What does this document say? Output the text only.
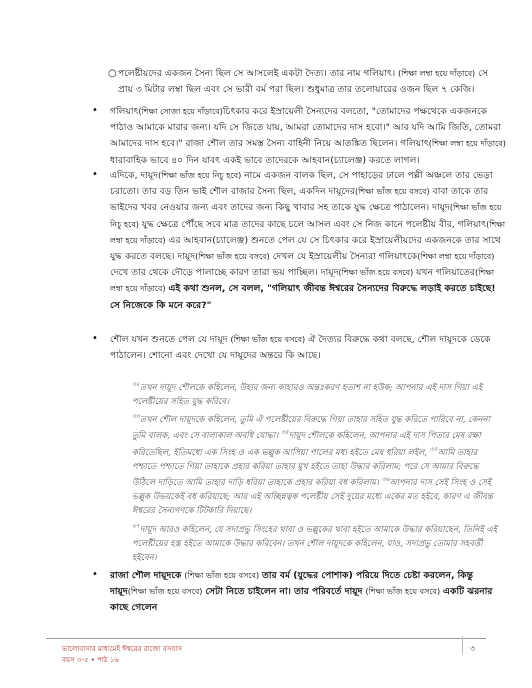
○ পলেষ্টীয়দের একজন সৈন্য ছিল সে আসলেই একটা দৈত্য। তার নাম গলিয়াৎ। (শিক্ষা লম্বা হয়ে দাঁড়াবে) সে প্রায় ৩ মিটার লম্বা ছিল এবং সে ভারী বর্ম পরা ছিল। শুধুমাত্র তার তলোয়ারের ওজন ছিল ৭ কেজি।

• গলিয়াৎ(শিক্ষা সোজা হয়ে দাঁড়াবে)চিৎকার করে ইস্রায়েলী সৈন্যদের বলতো, "তোমাদের পক্ষথেকে একজনকে পাঠাও আমাকে মারার জন্য। যদি সে জিতে যায়, আমরা তোমাদের দাস হবো।" আর যদি আমি জিতি, তোমরা আমাদের দাস হবে।" রাজা শৌল তার সমস্ত সৈন্য বাহিনী নিয়ে আতঙ্কিত ছিলেন। গলিয়াৎ(শিক্ষা লম্বা হয়ে দাঁড়াবে) ধারাবাহিক ভাবে ৪০ দিন যাবৎ একই ভাবে তাদেরকে আহবান(চ্যালেঞ্জ) করতে লাগল।

• এদিকে, দায়ূদ(শিক্ষা ভাঁজ হয়ে নিচু হবে) নামে একজন বালক ছিল, সে পাহাড়ের ঢালে পল্লী অঞ্চলে তার ভেড়া চরাতো। তার বড় তিন ভাই শৌল রাজার সৈন্য ছিল, একদিন দায়ূদের(শিক্ষা ভাঁজ হয়ে বসবে) বাবা তাকে তার ভাইদের খবর নেওয়ার জন্য এবং তাদের জন্য কিছু খাবার সহ তাকে যুদ্ধ ক্ষেত্রে পাঠালেন। দায়ূদ(শিক্ষা ভাঁজ হয়ে নিচু হবে) যুদ্ধ ক্ষেত্রে পৌঁছে সবে মাত্র তাদের কাছে চলে আসল এবং সে নিজ কানে পলেষ্টীয় বীর, গলিয়াৎ(শিক্ষা লম্বা হয়ে দাঁড়াবে) এর আহবান(চ্যালেঞ্জ) শুনতে পেল যে সে চিৎকার করে ইস্রায়েলীয়দের একজনকে তার সাথে যুদ্ধ করতে বলছে। দায়ূদ(শিক্ষা ভাঁজ হয়ে বসবে) দেখল যে ইস্রায়েলীয় সৈন্যরা গলিয়াৎকে(শিক্ষা লম্বা হয়ে দাঁড়াবে) দেখে তার থেকে দৌড়ে পালাচ্ছে কারণ তারা ভয় পাচ্ছিল। দায়ূদ(শিক্ষা ভাঁজ হয়ে বসবে) যখন গলিয়াতের(শিক্ষা লম্বা হয়ে দাঁড়াবে) এই কথা শুনল, সে বলল, "গলিয়াৎ জীবন্ত ঈশ্বরের সৈন্যদের বিরুদ্ধে লড়াই করতে চাইছে! সে নিজেকে কি মনে করে?"

• শৌল যখন শুনতে পেল যে দায়ূদ (শিক্ষা ভাঁজ হয়ে বসবে) ঐ দৈত্যর বিরুদ্ধে কথা বলছে, শৌল দায়ূদকে ডেকে পাঠালেন। শোনো এবং দেখো যে দায়ূদের অন্তরে কি আছে।

$^{৩২}$তখন দায়ূদ শৌলকে কহিলেন, উহার জন্য কাহারও অন্তঃকরণ হতাশ না হউক; আপনার এই দাস গিয়া এই পলেষ্টীয়ের সহিত যুদ্ধ করিবে।

$^{৩৩}$তখন শৌল দায়ূদকে কহিলেন, তুমি ঐ পলেষ্টীয়ের বিরুদ্ধে গিয়া তাহার সহিত যুদ্ধ করিতে পারিবে না, কেননা তুমি বালক, এবং সে বাল্যকাল অবধি যোদ্ধা। $^{৩৪}$দায়ূদ শৌলকে কহিলেন, আপনার এই দাস পিতার মেষ রক্ষা করিতেছিল, ইতিমধ্যে এক সিংহ ও এক ভল্লুক আসিয়া পালের মধ্য হইতে মেষ ধরিয়া লইল, $^{৩৫}$আমি তাহার পশ্চাতে পশ্চাতে গিয়া তাহাকে প্রহার করিয়া তাহার মুখ হইতে তাহা উদ্ধার করিলাম; পরে সে আমার বিরুদ্ধে উঠিলে দাড়িতে আমি তাহার দাড়ি ধরিয়া তাহাকে প্রহার করিয়া বধ করিলাম। $^{৩৬}$আপনার দাস সেই সিংহ ও সেই ভল্লুক উভয়কেই বধ করিয়াছে; আর এই অচ্ছিন্নত্বক পলেষ্টীয় সেই দুয়ের মধ্যে একের মত হইবে, কারণ এ জীবন্ত ঈশ্বরের সৈন্যগণকে টিটকারি দিয়াছে।

$^{৩৭}$দায়ূদ আরও কহিলেন, যে সদাপ্রভু সিংহের থাবা ও ভল্লুকের থাবা হইতে আমাকে উদ্ধার করিয়াছেন, তিনিই এই পলেষ্টীয়ের হস্ত হইতে আমাকে উদ্ধার করিবেন। তখন শৌল দায়ূদকে কহিলেন, যাও, সদাপ্রভু তোমার সহবর্ত্তী হইবেন।

• রাজা শৌল দায়ূদকে (শিক্ষা ভাঁজ হয়ে বসবে) তার বর্ম (যুদ্ধের পোশাক) পরিয়ে দিতে চেষ্টা করলেন, কিন্তু দায়ূদ(শিক্ষা ভাঁজ হয়ে বসবে) সেটা নিতে চাইলেন না। তার পরিবর্তে দায়ূদ (শিক্ষা ভাঁজ হয়ে বসবে) একটি ঝরনার কাছে গেলেন

ভালোবাসার মাধ্যমেই ঈশ্বরের রাজ্যে বসবাস
বয়স ৩-৫ • পাঠ ১৬
৩
